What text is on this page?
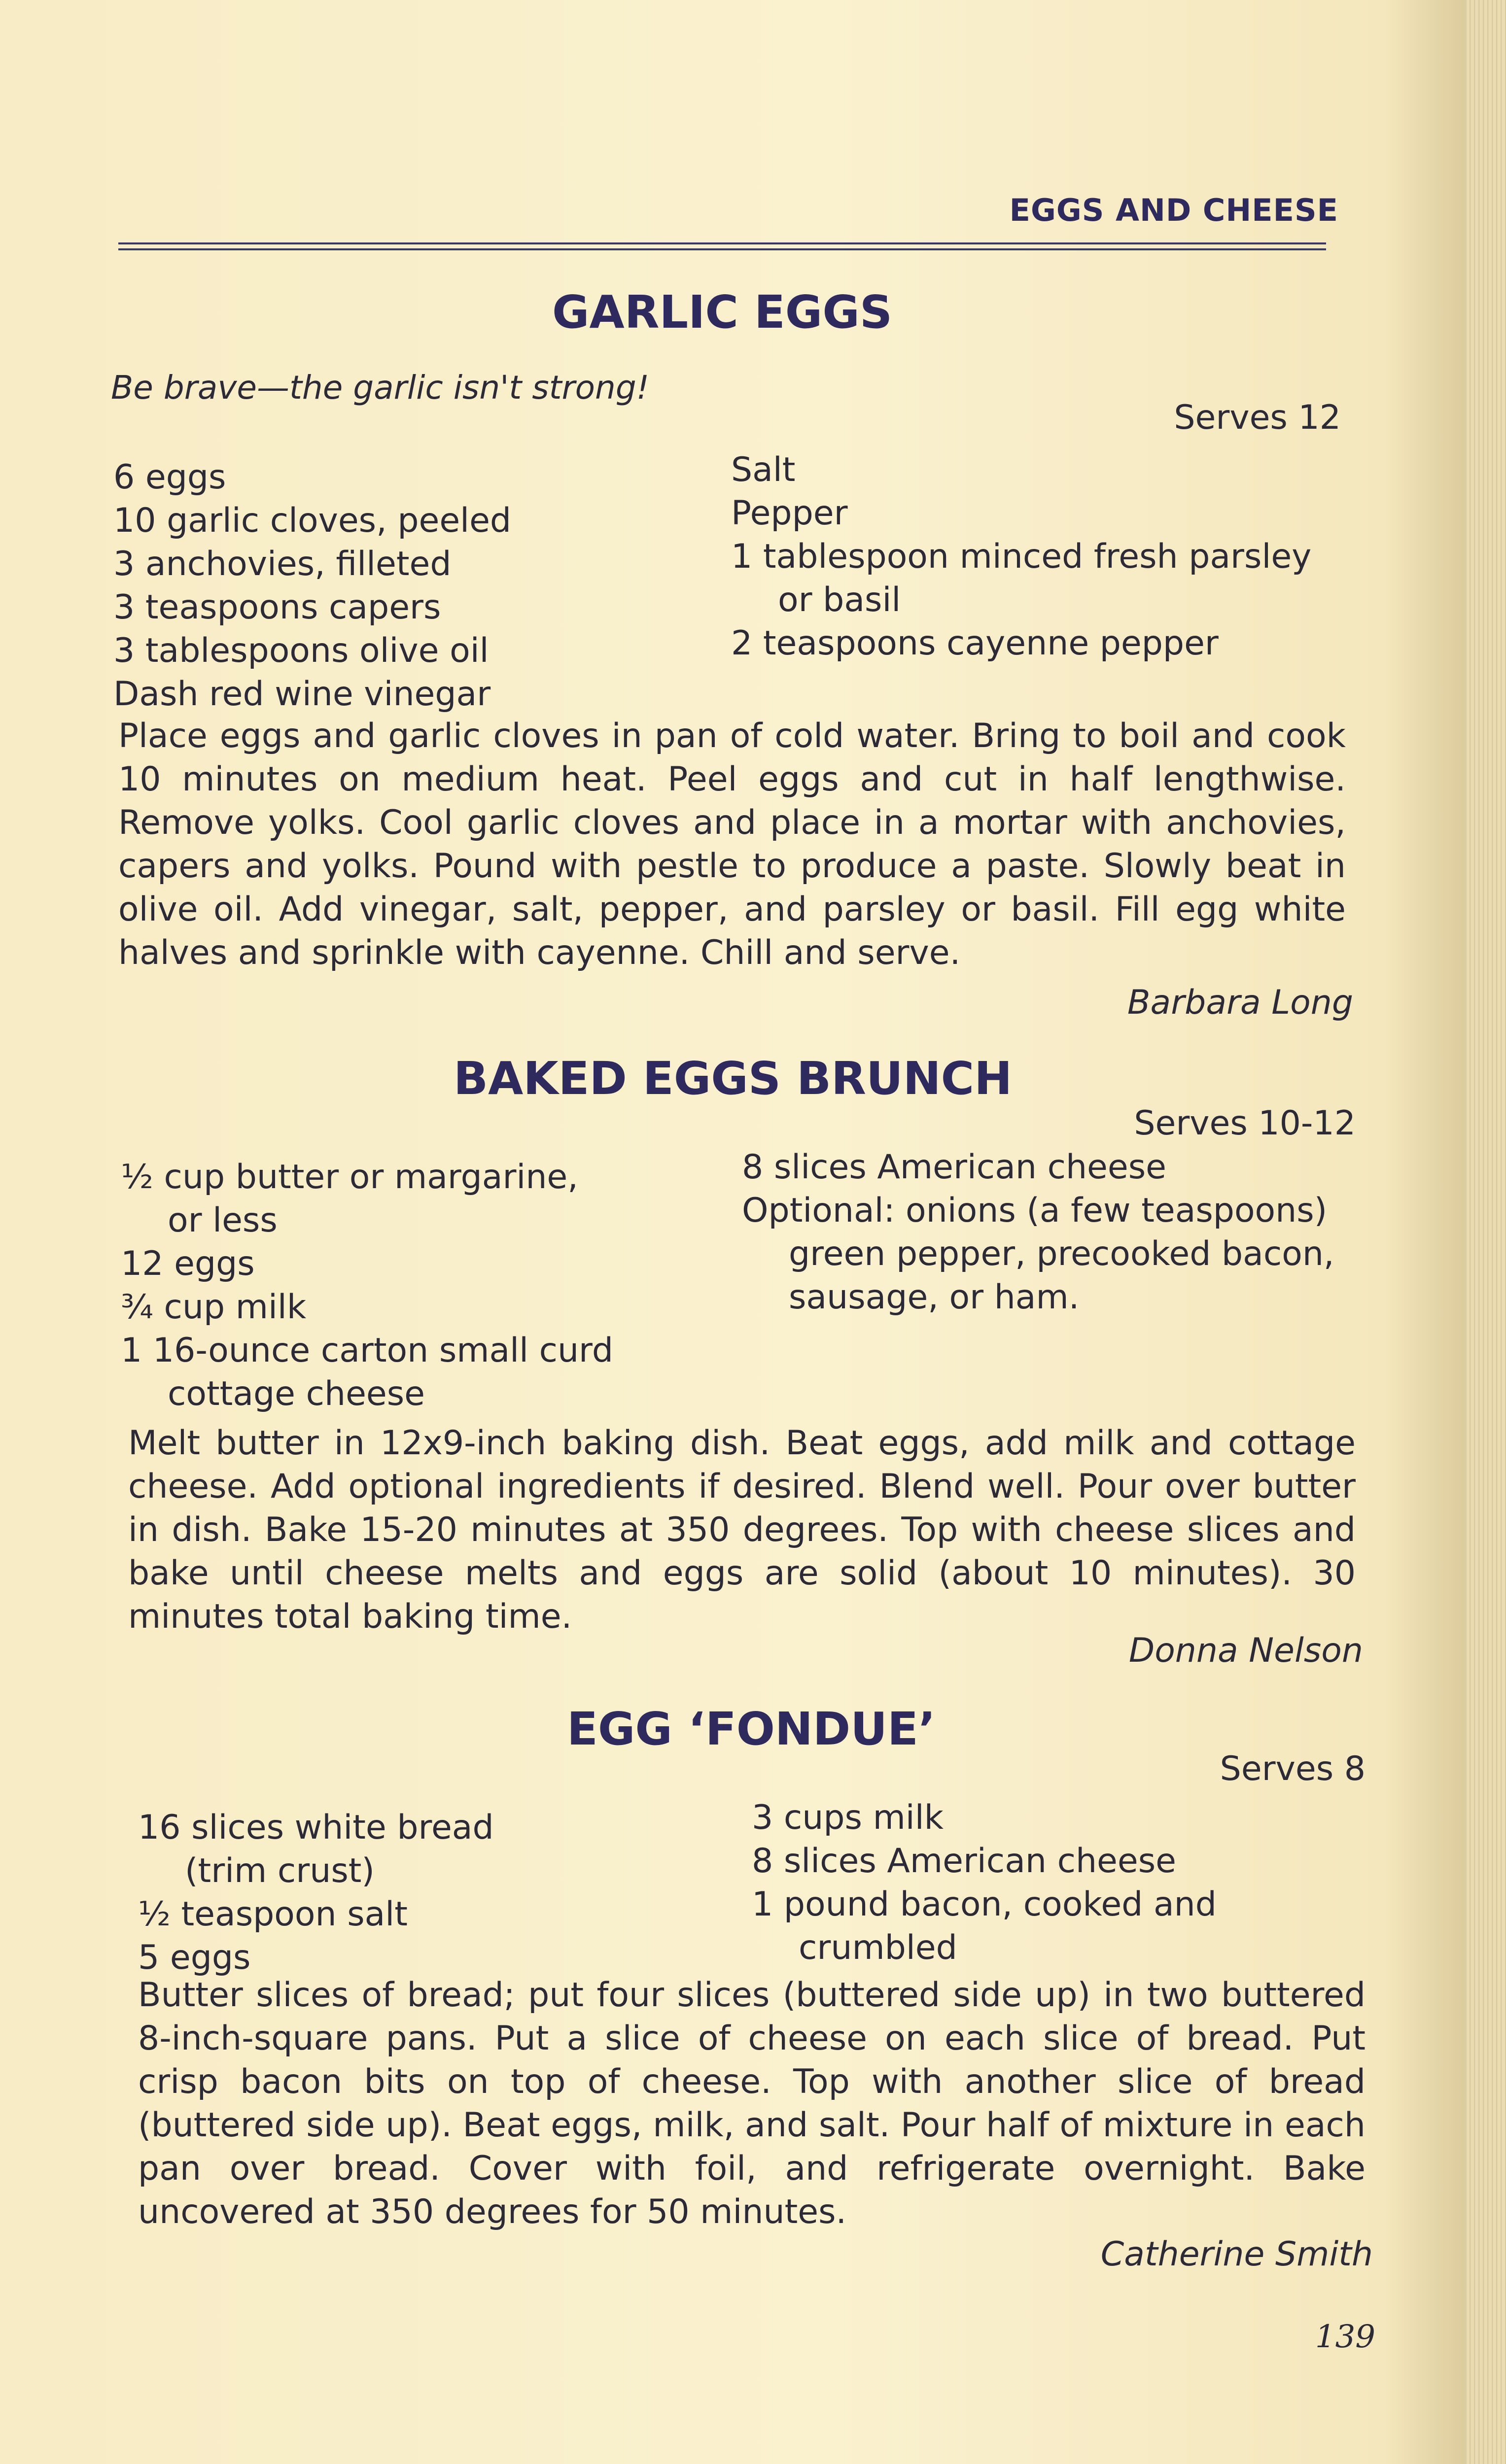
EGGS AND CHEESE
GARLIC EGGS
Be brave—the garlic isn't strong!
Serves 12
6 eggs
10 garlic cloves, peeled
3 anchovies, filleted
3 teaspoons capers
3 tablespoons olive oil
Dash red wine vinegar
Salt
Pepper
1 tablespoon minced fresh parsley
or basil
2 teaspoons cayenne pepper
Place eggs and garlic cloves in pan of cold water. Bring to boil and cook 10 minutes on medium heat. Peel eggs and cut in half lengthwise. Remove yolks. Cool garlic cloves and place in a mortar with anchovies, capers and yolks. Pound with pestle to produce a paste. Slowly beat in olive oil. Add vinegar, salt, pepper, and parsley or basil. Fill egg white halves and sprinkle with cayenne. Chill and serve.
Barbara Long
BAKED EGGS BRUNCH
Serves 10-12
½ cup butter or margarine,
or less
12 eggs
¾ cup milk
1 16-ounce carton small curd
cottage cheese
8 slices American cheese
Optional: onions (a few teaspoons)
green pepper, precooked bacon,
sausage, or ham.
Melt butter in 12x9-inch baking dish. Beat eggs, add milk and cottage cheese. Add optional ingredients if desired. Blend well. Pour over butter in dish. Bake 15-20 minutes at 350 degrees. Top with cheese slices and bake until cheese melts and eggs are solid (about 10 minutes). 30 minutes total baking time.
Donna Nelson
EGG ‘FONDUE’
Serves 8
16 slices white bread
(trim crust)
½ teaspoon salt
5 eggs
3 cups milk
8 slices American cheese
1 pound bacon, cooked and
crumbled
Butter slices of bread; put four slices (buttered side up) in two buttered 8-inch-square pans. Put a slice of cheese on each slice of bread. Put crisp bacon bits on top of cheese. Top with another slice of bread (buttered side up). Beat eggs, milk, and salt. Pour half of mixture in each pan over bread. Cover with foil, and refrigerate overnight. Bake uncovered at 350 degrees for 50 minutes.
Catherine Smith
139
